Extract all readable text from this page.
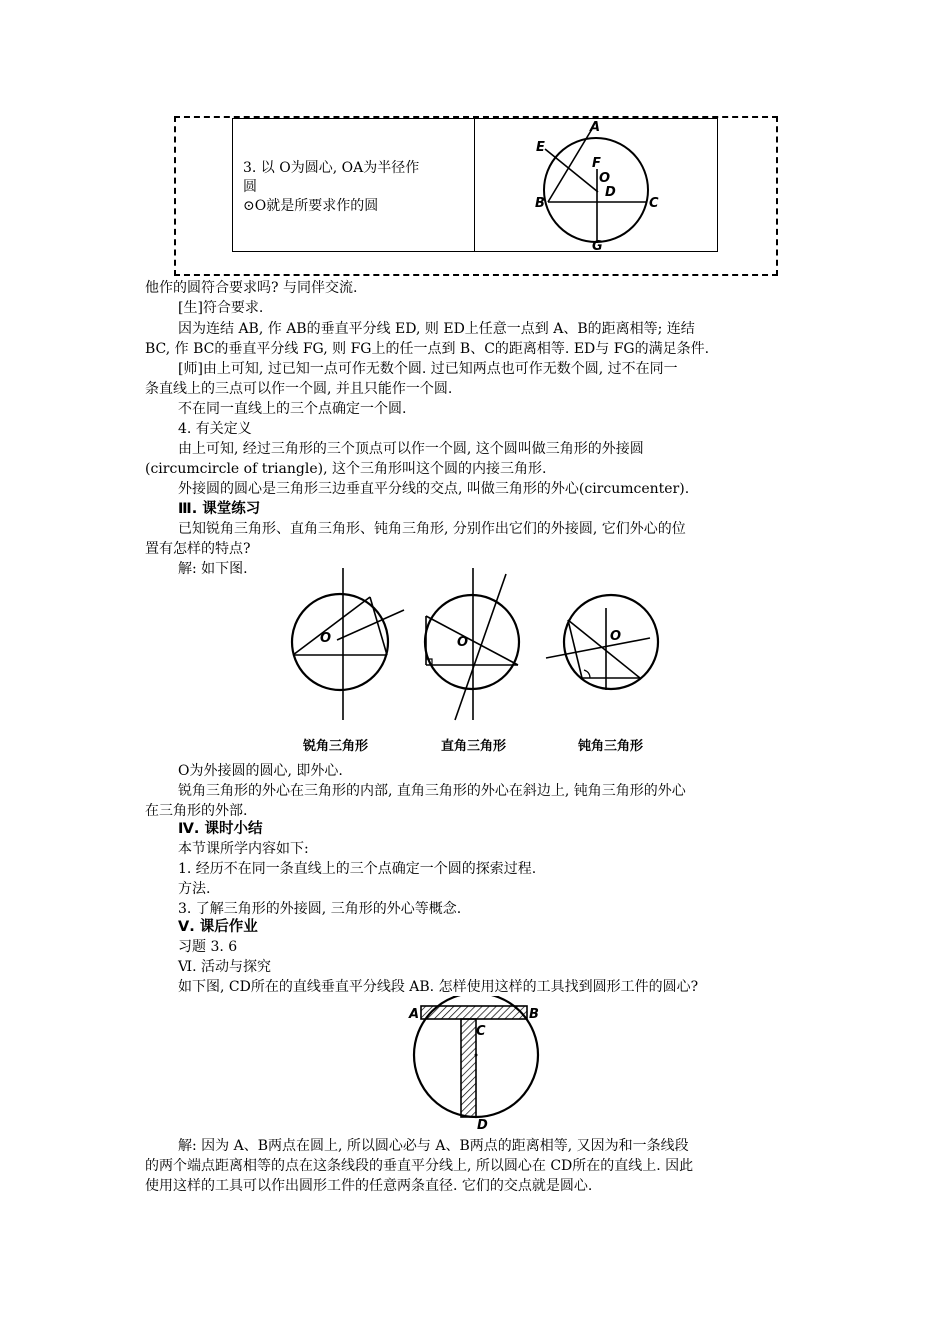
3. 以 O为圆心, OA为半径作
圆
⊙O就是所要求作的圆
A
E
F
O
D
B	C
G
他作的圆符合要求吗? 与同伴交流.
[生]符合要求.
因为连结 AB, 作 AB的垂直平分线 ED, 则 ED上任意一点到 A、B的距离相等; 连结
BC, 作 BC的垂直平分线 FG, 则 FG上的任一点到 B、C的距离相等. ED与 FG的满足条件.
[师]由上可知, 过已知一点可作无数个圆. 过已知两点也可作无数个圆, 过不在同一
条直线上的三点可以作一个圆, 并且只能作一个圆.
不在同一直线上的三个点确定一个圆.
4. 有关定义
由上可知, 经过三角形的三个顶点可以作一个圆, 这个圆叫做三角形的外接圆
(circumcircle of triangle), 这个三角形叫这个圆的内接三角形.
外接圆的圆心是三角形三边垂直平分线的交点, 叫做三角形的外心(circumcenter).
Ⅲ. 课堂练习
已知锐角三角形、直角三角形、钝角三角形, 分别作出它们的外接圆, 它们外心的位
置有怎样的特点?
解: 如下图.
O	O	O
锐角三角形	直角三角形	钝角三角形
O为外接圆的圆心, 即外心.
锐角三角形的外心在三角形的内部, 直角三角形的外心在斜边上, 钝角三角形的外心
在三角形的外部.
Ⅳ. 课时小结
本节课所学内容如下:
1. 经历不在同一条直线上的三个点确定一个圆的探索过程.
方法.
3. 了解三角形的外接圆, 三角形的外心等概念.
Ⅴ. 课后作业
习题 3. 6
Ⅵ. 活动与探究
如下图, CD所在的直线垂直平分线段 AB. 怎样使用这样的工具找到圆形工件的圆心?
A	B
C
D
解: 因为 A、B两点在圆上, 所以圆心必与 A、B两点的距离相等, 又因为和一条线段
的两个端点距离相等的点在这条线段的垂直平分线上, 所以圆心在 CD所在的直线上. 因此
使用这样的工具可以作出圆形工件的任意两条直径. 它们的交点就是圆心.
